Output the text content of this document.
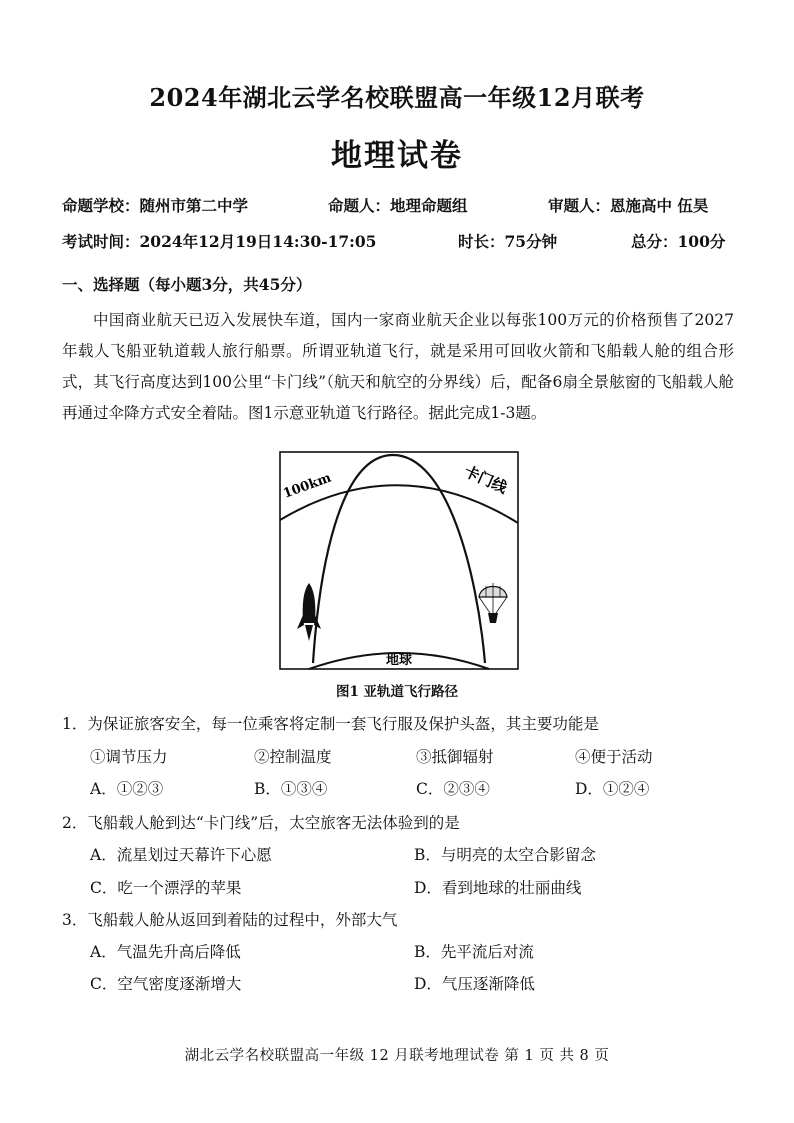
2024年湖北云学名校联盟高一年级12月联考
地理试卷
命题学校：随州市第二中学	命题人：地理命题组	审题人：恩施高中 伍昊
考试时间：2024年12月19日14:30-17:05	时长：75分钟	总分：100分
一、选择题（每小题3分，共45分）
中国商业航天已迈入发展快车道，国内一家商业航天企业以每张100万元的价格预售了2027年载人飞船亚轨道载人旅行船票。所谓亚轨道飞行，就是采用可回收火箭和飞船载人舱的组合形式，其飞行高度达到100公里“卡门线”（航天和航空的分界线）后，配备6扇全景舷窗的飞船载人舱再通过伞降方式安全着陆。图1示意亚轨道飞行路径。据此完成1-3题。
100km	卡门线
地球
图1 亚轨道飞行路径
1．为保证旅客安全，每一位乘客将定制一套飞行服及保护头盔，其主要功能是
①调节压力	②控制温度	③抵御辐射	④便于活动
A．①②③	B．①③④	C．②③④	D．①②④
2．飞船载人舱到达“卡门线”后，太空旅客无法体验到的是
A．流星划过天幕许下心愿	B．与明亮的太空合影留念
C．吃一个漂浮的苹果	D．看到地球的壮丽曲线
3．飞船载人舱从返回到着陆的过程中，外部大气
A．气温先升高后降低	B．先平流后对流
C．空气密度逐渐增大	D．气压逐渐降低
湖北云学名校联盟高一年级 12 月联考地理试卷 第 1 页 共 8 页
